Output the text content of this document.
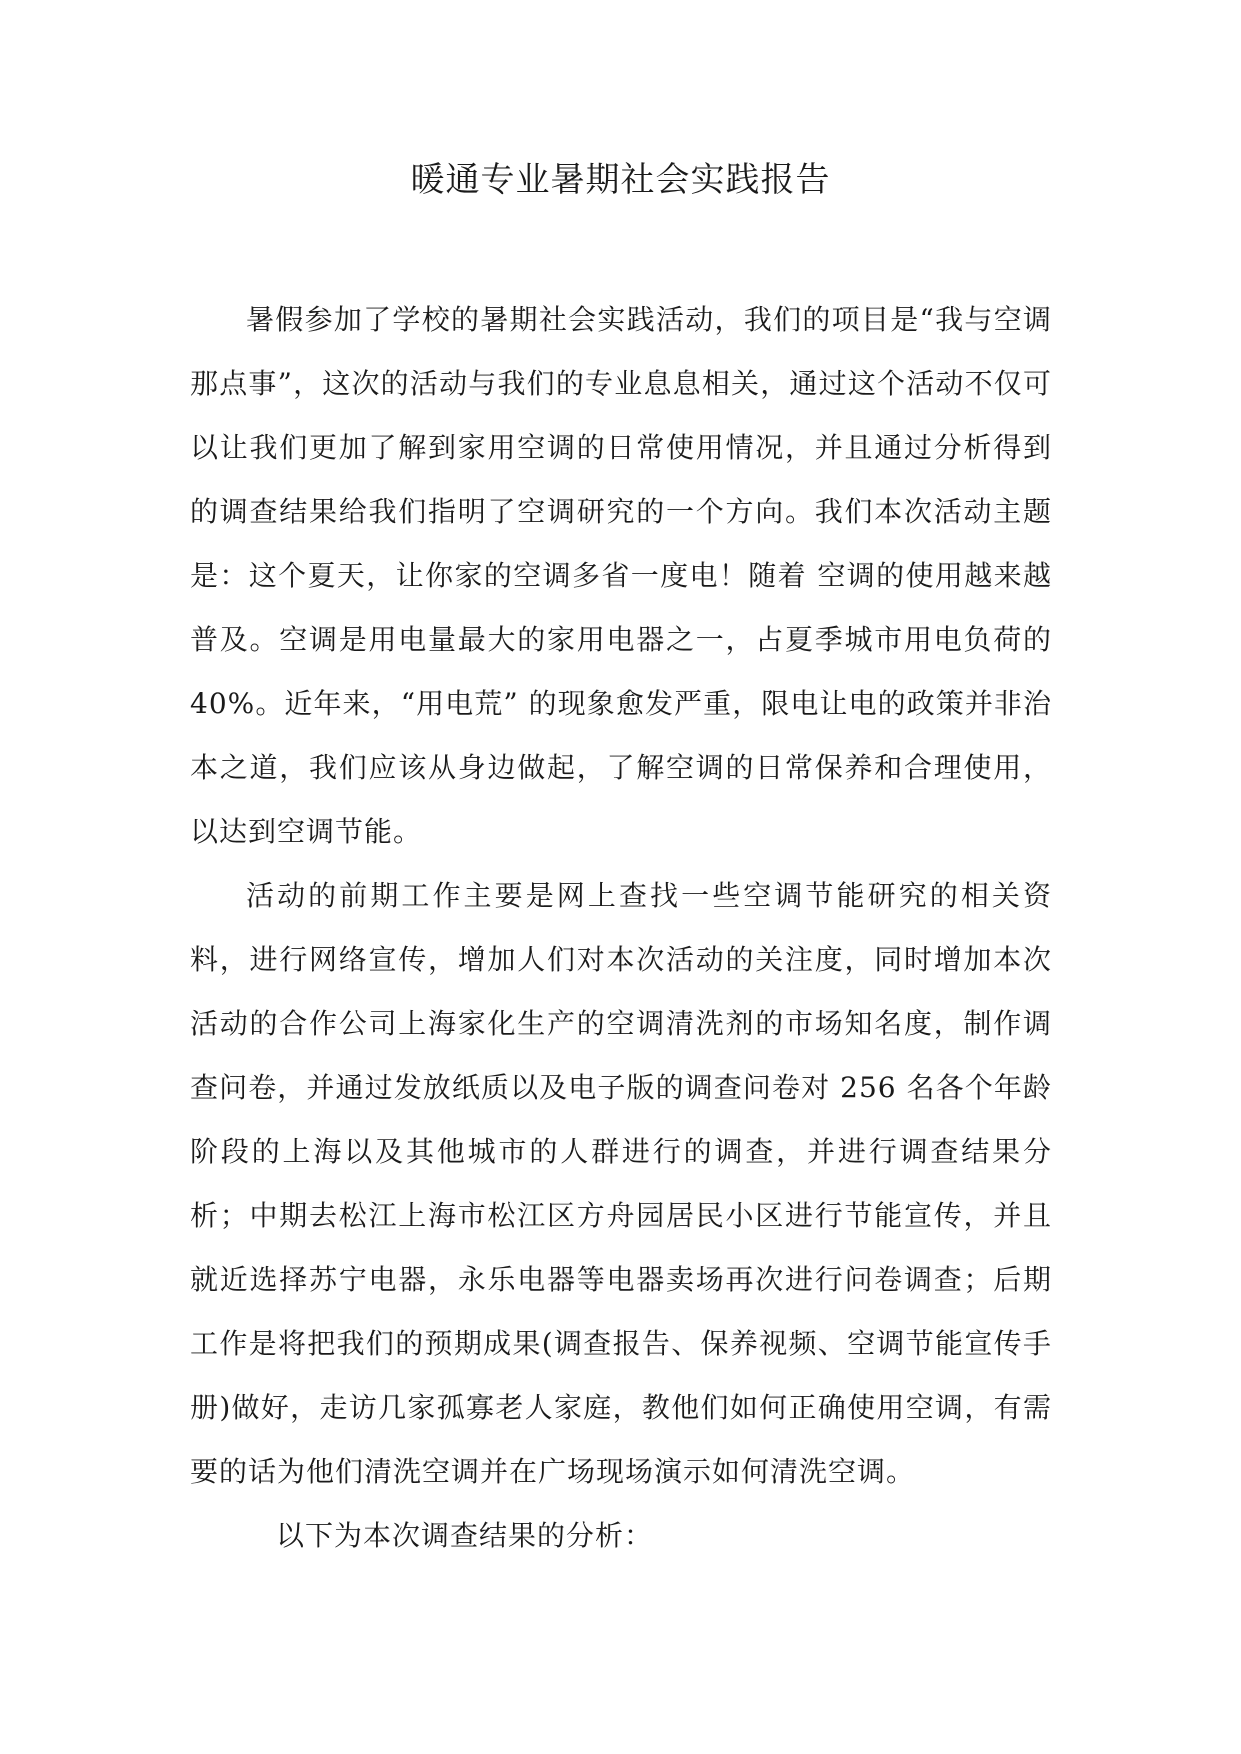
暖通专业暑期社会实践报告

暑假参加了学校的暑期社会实践活动，我们的项目是“我与空调那点事”，这次的活动与我们的专业息息相关，通过这个活动不仅可以让我们更加了解到家用空调的日常使用情况，并且通过分析得到的调查结果给我们指明了空调研究的一个方向。我们本次活动主题是：这个夏天，让你家的空调多省一度电！随着 空调的使用越来越普及。空调是用电量最大的家用电器之一，占夏季城市用电负荷的 40%。近年来，“用电荒” 的现象愈发严重，限电让电的政策并非治本之道，我们应该从身边做起，了解空调的日常保养和合理使用，以达到空调节能。

活动的前期工作主要是网上查找一些空调节能研究的相关资料，进行网络宣传，增加人们对本次活动的关注度，同时增加本次活动的合作公司上海家化生产的空调清洗剂的市场知名度，制作调查问卷，并通过发放纸质以及电子版的调查问卷对 256 名各个年龄阶段的上海以及其他城市的人群进行的调查，并进行调查结果分析；中期去松江上海市松江区方舟园居民小区进行节能宣传，并且就近选择苏宁电器，永乐电器等电器卖场再次进行问卷调查；后期工作是将把我们的预期成果(调查报告、保养视频、空调节能宣传手册)做好，走访几家孤寡老人家庭，教他们如何正确使用空调，有需要的话为他们清洗空调并在广场现场演示如何清洗空调。

以下为本次调查结果的分析：
